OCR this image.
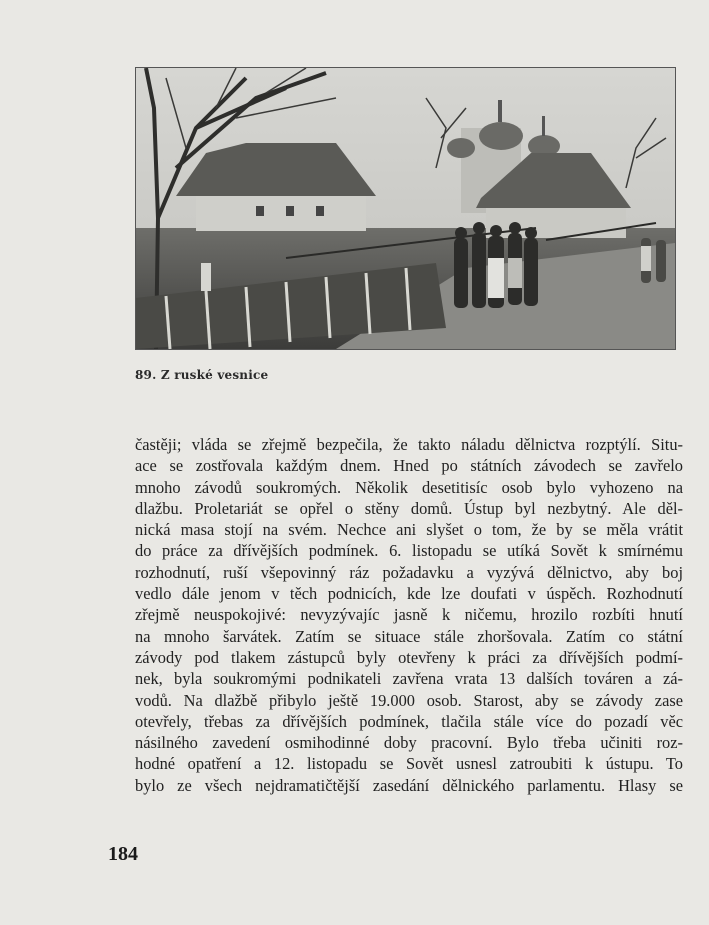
89. Z ruské vesnice
častěji; vláda se zřejmě bezpečila, že takto náladu dělnictva rozptýlí. Situ-
ace se zostřovala každým dnem. Hned po státních závodech se zavřelo
mnoho závodů soukromých. Několik desetitisíc osob bylo vyhozeno na
dlažbu. Proletariát se opřel o stěny domů. Ústup byl nezbytný. Ale děl-
nická masa stojí na svém. Nechce ani slyšet o tom, že by se měla vrátit
do práce za dřívějších podmínek. 6. listopadu se utíká Sovět k smírnému
rozhodnutí, ruší všepovinný ráz požadavku a vyzývá dělnictvo, aby boj
vedlo dále jenom v těch podnicích, kde lze doufati v úspěch. Rozhodnutí
zřejmě neuspokojivé: nevyzývajíc jasně k ničemu, hrozilo rozbíti hnutí
na mnoho šarvátek. Zatím se situace stále zhoršovala. Zatím co státní
závody pod tlakem zástupců byly otevřeny k práci za dřívějších podmí-
nek, byla soukromými podnikateli zavřena vrata 13 dalších továren a zá-
vodů. Na dlažbě přibylo ještě 19.000 osob. Starost, aby se závody zase
otevřely, třebas za dřívějších podmínek, tlačila stále více do pozadí věc
násilného zavedení osmihodinné doby pracovní. Bylo třeba učiniti roz-
hodné opatření a 12. listopadu se Sovět usnesl zatroubiti k ústupu. To
bylo ze všech nejdramatičtější zasedání dělnického parlamentu. Hlasy se
184
